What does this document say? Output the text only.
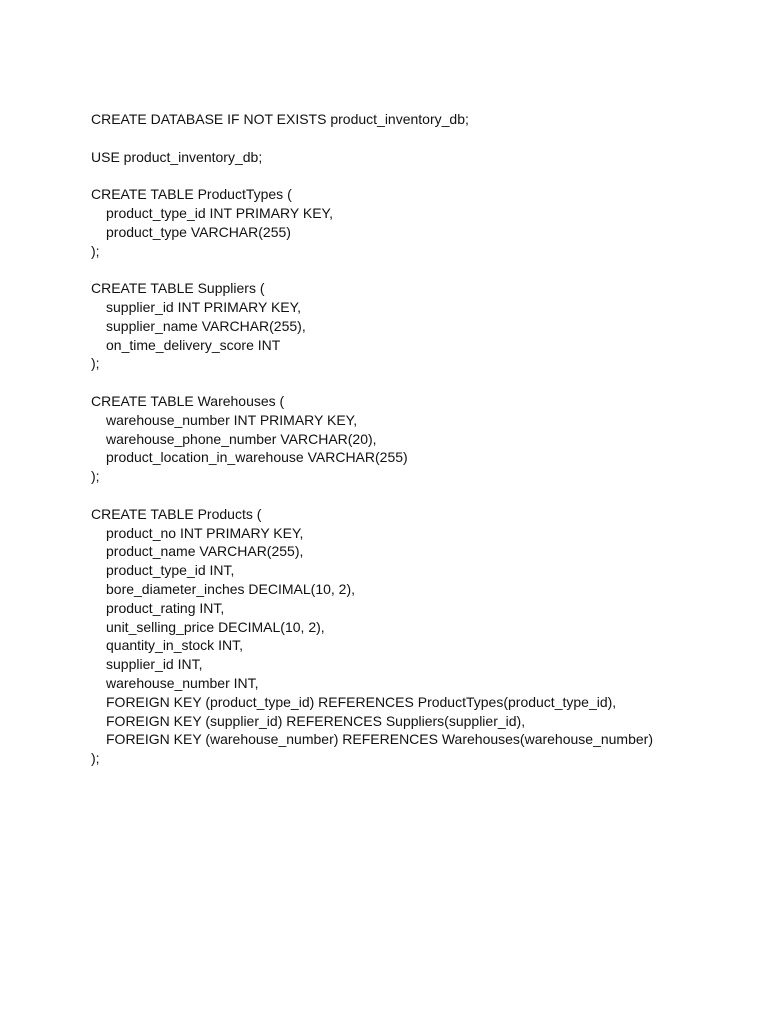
CREATE DATABASE IF NOT EXISTS product_inventory_db;
USE product_inventory_db;
CREATE TABLE ProductTypes (
product_type_id INT PRIMARY KEY,
product_type VARCHAR(255)
);
CREATE TABLE Suppliers (
supplier_id INT PRIMARY KEY,
supplier_name VARCHAR(255),
on_time_delivery_score INT
);
CREATE TABLE Warehouses (
warehouse_number INT PRIMARY KEY,
warehouse_phone_number VARCHAR(20),
product_location_in_warehouse VARCHAR(255)
);
CREATE TABLE Products (
product_no INT PRIMARY KEY,
product_name VARCHAR(255),
product_type_id INT,
bore_diameter_inches DECIMAL(10, 2),
product_rating INT,
unit_selling_price DECIMAL(10, 2),
quantity_in_stock INT,
supplier_id INT,
warehouse_number INT,
FOREIGN KEY (product_type_id) REFERENCES ProductTypes(product_type_id),
FOREIGN KEY (supplier_id) REFERENCES Suppliers(supplier_id),
FOREIGN KEY (warehouse_number) REFERENCES Warehouses(warehouse_number)
);
